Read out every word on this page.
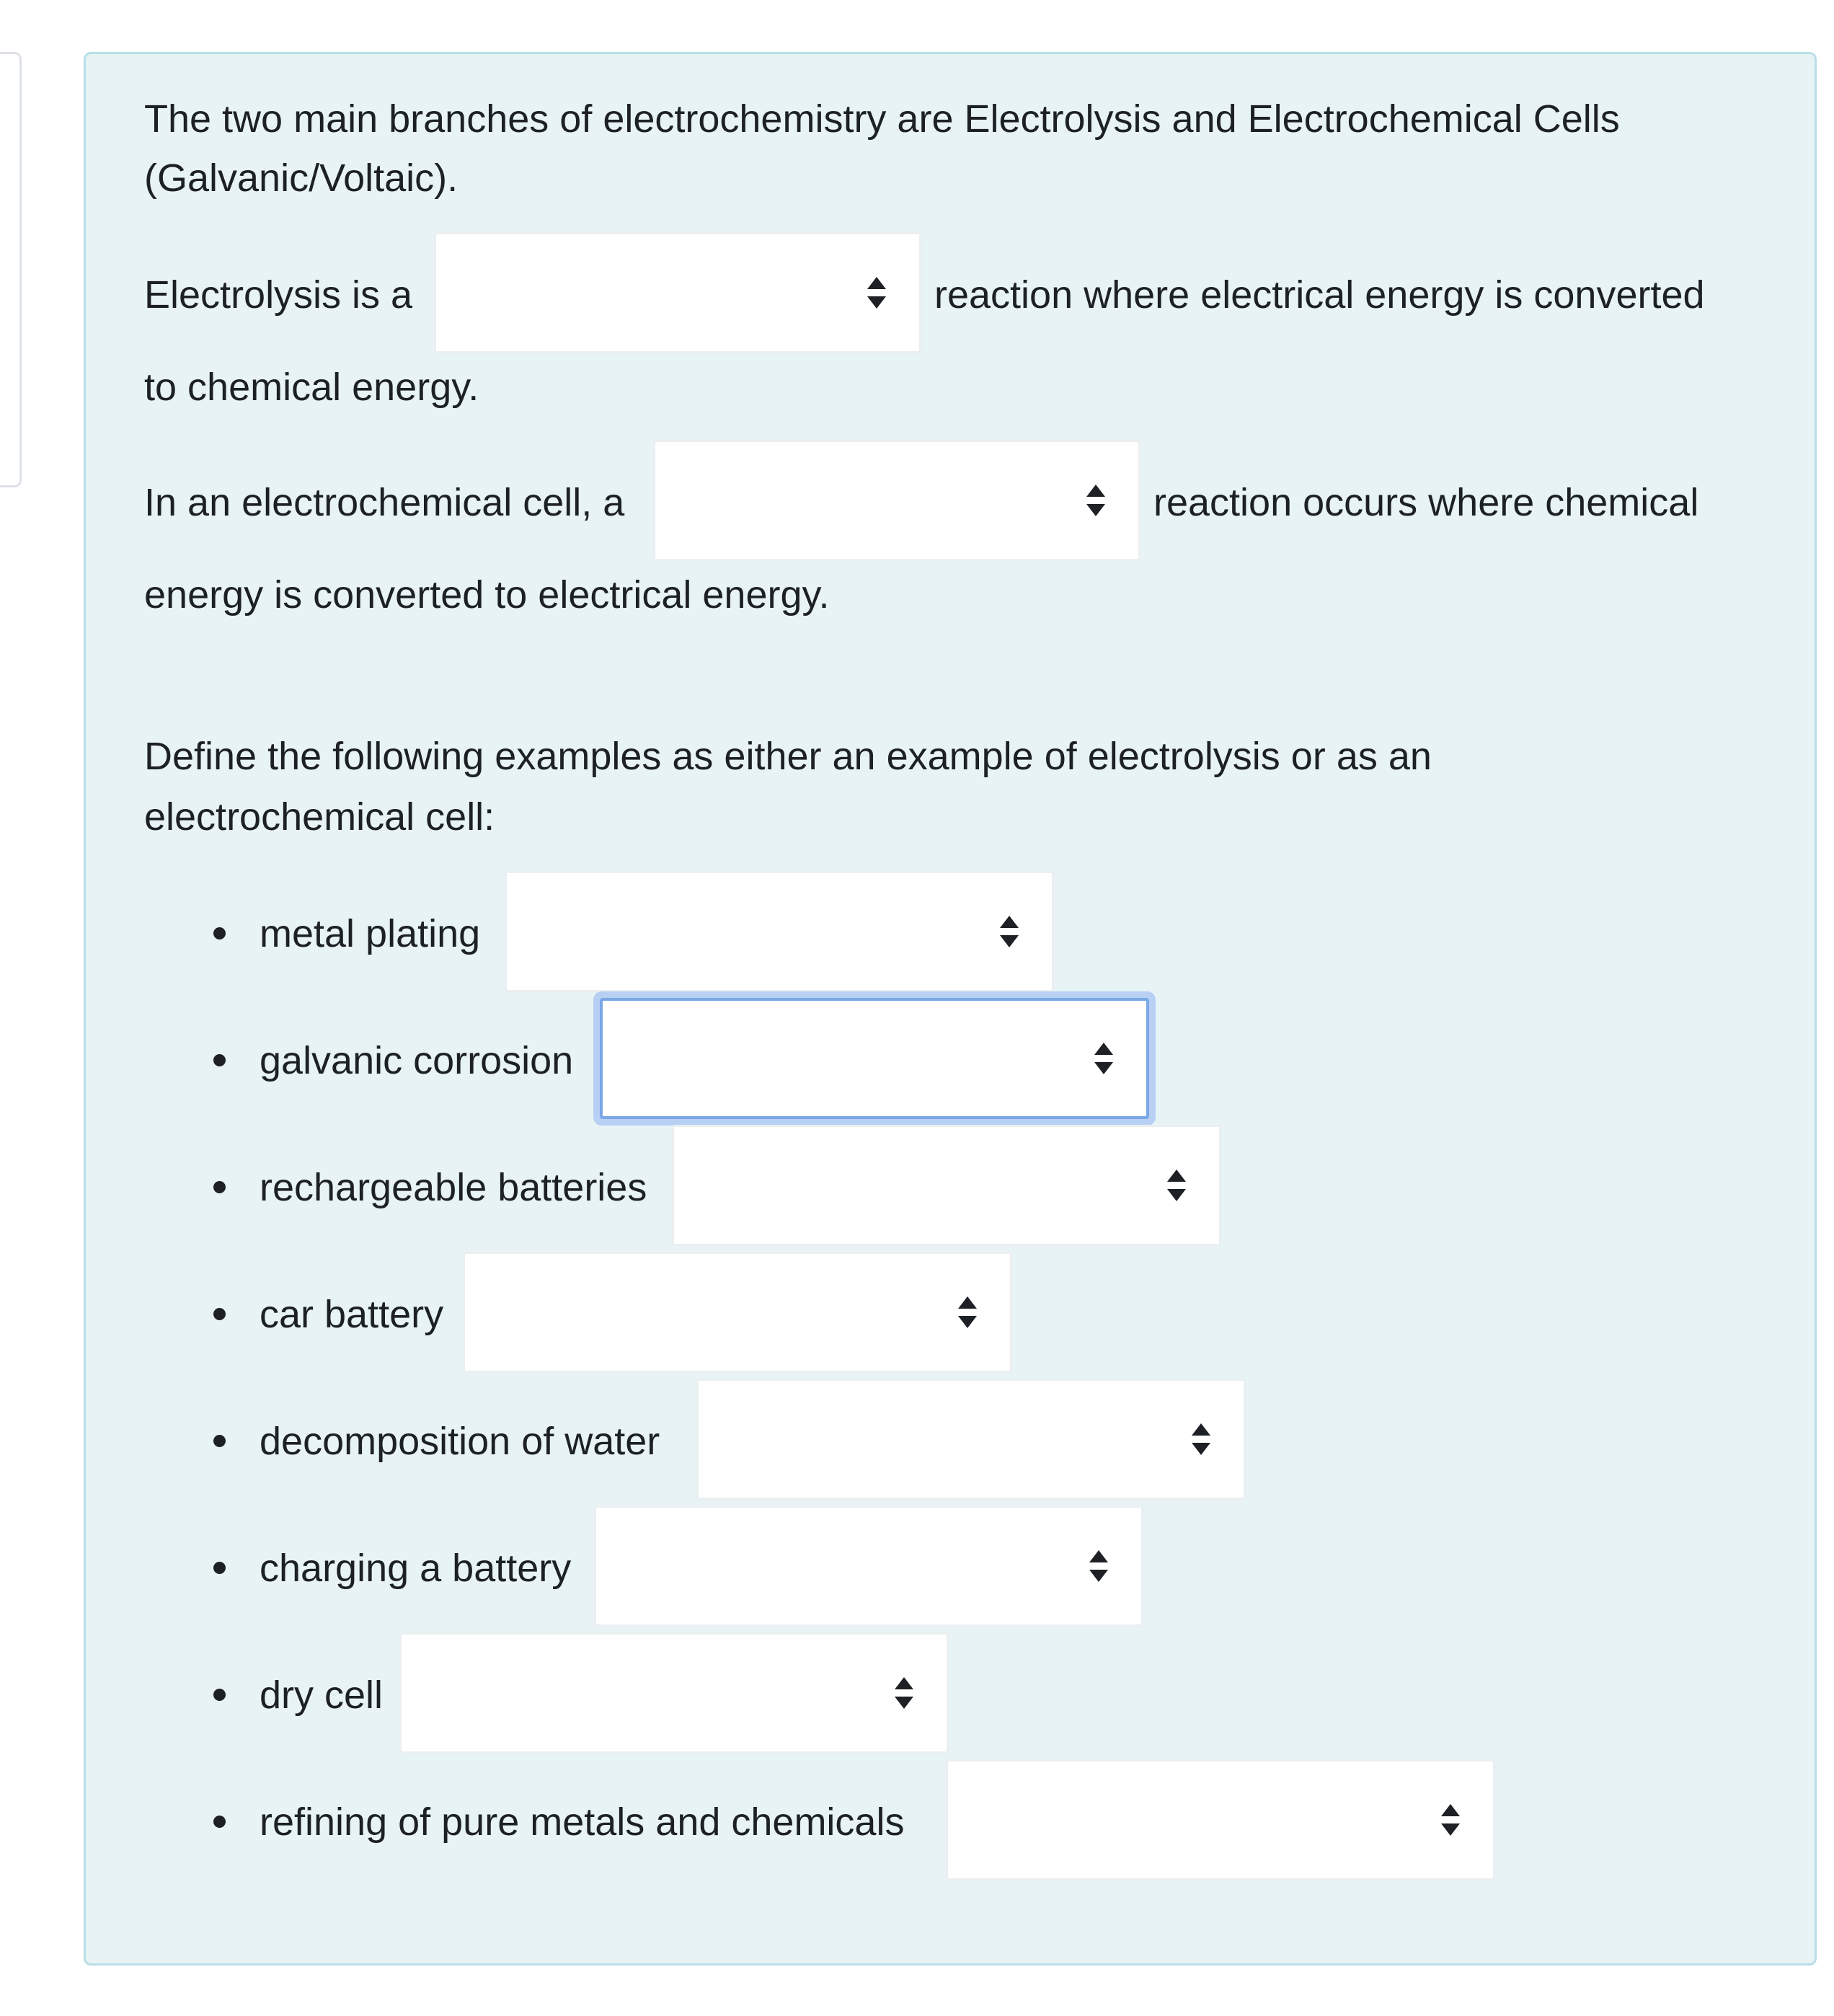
The two main branches of electrochemistry are Electrolysis and Electrochemical Cells

(Galvanic/Voltaic).

Electrolysis is a	reaction where electrical energy is converted

to chemical energy.

In an electrochemical cell, a	reaction occurs where chemical

energy is converted to electrical energy.

Define the following examples as either an example of electrolysis or as an

electrochemical cell:

metal plating
galvanic corrosion
rechargeable batteries
car battery
decomposition of water
charging a battery
dry cell
refining of pure metals and chemicals
